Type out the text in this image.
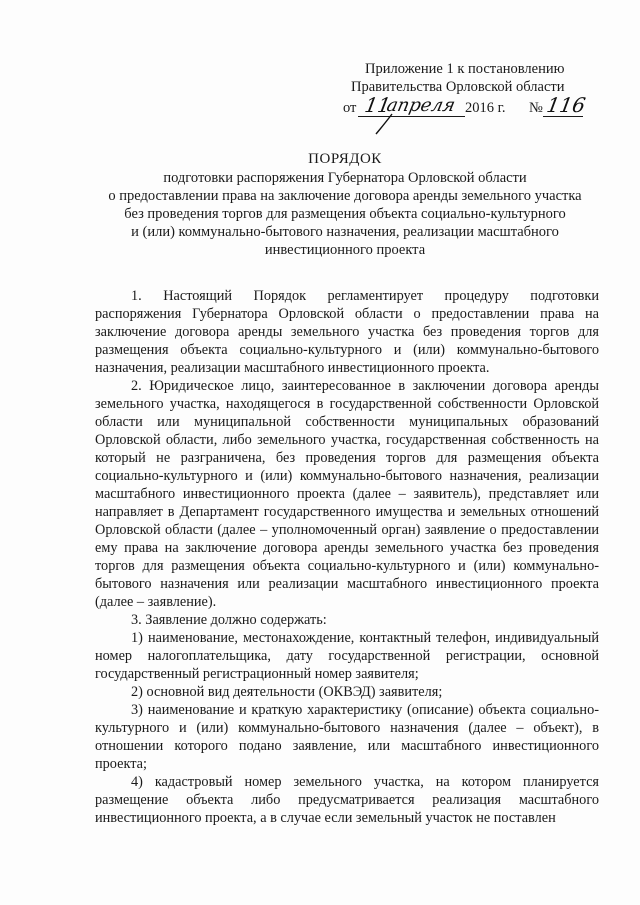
Приложение 1 к постановлению
Правительства Орловской области
от 11
апреля 2016 г. № 116
ПОРЯДОК
подготовки распоряжения Губернатора Орловской области
о предоставлении права на заключение договора аренды земельного участка
без проведения торгов для размещения объекта социально-культурного
и (или) коммунально-бытового назначения, реализации масштабного
инвестиционного проекта

1. Настоящий Порядок регламентирует процедуру подготовки распоряжения Губернатора Орловской области о предоставлении права на заключение договора аренды земельного участка без проведения торгов для размещения объекта социально-культурного и (или) коммунально-бытового назначения, реализации масштабного инвестиционного проекта.

2. Юридическое лицо, заинтересованное в заключении договора аренды земельного участка, находящегося в государственной собственности Орловской области или муниципальной собственности муниципальных образований Орловской области, либо земельного участка, государственная собственность на который не разграничена, без проведения торгов для размещения объекта социально-культурного и (или) коммунально-бытового назначения, реализации масштабного инвестиционного проекта (далее – заявитель), представляет или направляет в Департамент государственного имущества и земельных отношений Орловской области (далее – уполномоченный орган) заявление о предоставлении ему права на заключение договора аренды земельного участка без проведения торгов для размещения объекта социально-культурного и (или) коммунально-бытового назначения или реализации масштабного инвестиционного проекта (далее – заявление).

3. Заявление должно содержать:

1) наименование, местонахождение, контактный телефон, индивидуальный номер налогоплательщика, дату государственной регистрации, основной государственный регистрационный номер заявителя;

2) основной вид деятельности (ОКВЭД) заявителя;

3) наименование и краткую характеристику (описание) объекта социально-культурного и (или) коммунально-бытового назначения (далее – объект), в отношении которого подано заявление, или масштабного инвестиционного проекта;

4) кадастровый номер земельного участка, на котором планируется размещение объекта либо предусматривается реализация масштабного инвестиционного проекта, а в случае если земельный участок не поставлен
